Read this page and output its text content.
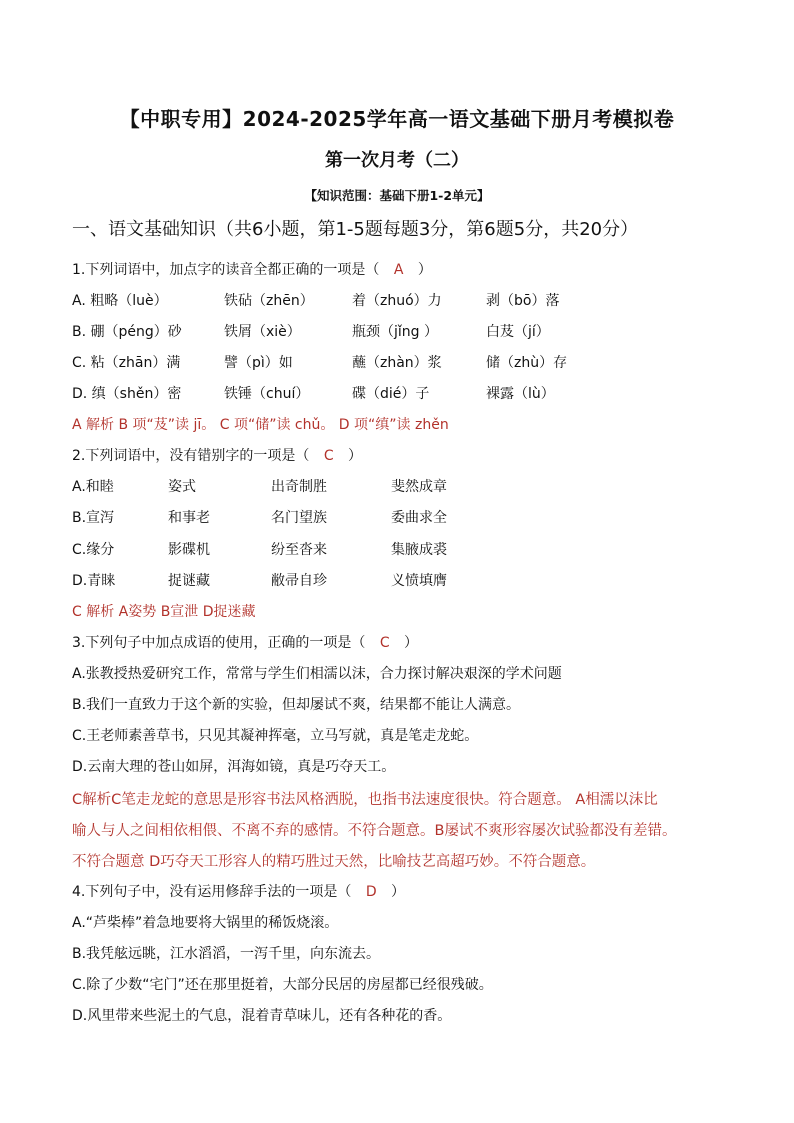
【中职专用】2024-2025学年高一语文基础下册月考模拟卷
第一次月考（二）
【知识范围：基础下册1-2单元】
一、语文基础知识（共6小题，第1-5题每题3分，第6题5分，共20分）
1.下列词语中，加点字的读音全都正确的一项是（ A ）
A. 粗略（luè）	铁砧（zhēn）	着（zhuó）力	剥（bō）落
B. 硼（péng）砂	铁屑（xiè）	瓶颈（jǐng ）	白芨（jí）
C. 粘（zhān）满	譬（pì）如	蘸（zhàn）浆	储（zhù）存
D. 缜（shěn）密	铁锤（chuí）	碟（dié）子	裸露（lù）
A 解析 B 项“芨”读 jī。 C 项“储”读 chǔ。 D 项“缜”读 zhěn
2.下列词语中，没有错别字的一项是（ C ）
A.和睦	姿式	出奇制胜	斐然成章
B.宣泻	和事老	名门望族	委曲求全
C.缘分	影碟机	纷至沓来	集腋成裘
D.青睐	捉谜藏	敝帚自珍	义愤填膺
C 解析 A姿势 B宣泄 D捉迷藏
3.下列句子中加点成语的使用，正确的一项是（ C ）
A.张教授热爱研究工作，常常与学生们相濡以沫，合力探讨解决艰深的学术问题
B.我们一直致力于这个新的实验，但却屡试不爽，结果都不能让人满意。
C.王老师素善草书，只见其凝神挥毫，立马写就，真是笔走龙蛇。
D.云南大理的苍山如屏，洱海如镜，真是巧夺天工。
C解析C笔走龙蛇的意思是形容书法风格洒脱，也指书法速度很快。符合题意。 A相濡以沫比
喻人与人之间相依相偎、不离不弃的感情。不符合题意。B屡试不爽形容屡次试验都没有差错。
不符合题意 D巧夺天工形容人的精巧胜过天然，比喻技艺高超巧妙。不符合题意。
4.下列句子中，没有运用修辞手法的一项是（ D ）
A.“芦柴棒”着急地要将大锅里的稀饭烧滚。
B.我凭舷远眺，江水滔滔，一泻千里，向东流去。
C.除了少数“宅门”还在那里挺着，大部分民居的房屋都已经很残破。
D.风里带来些泥土的气息，混着青草味儿，还有各种花的香。
